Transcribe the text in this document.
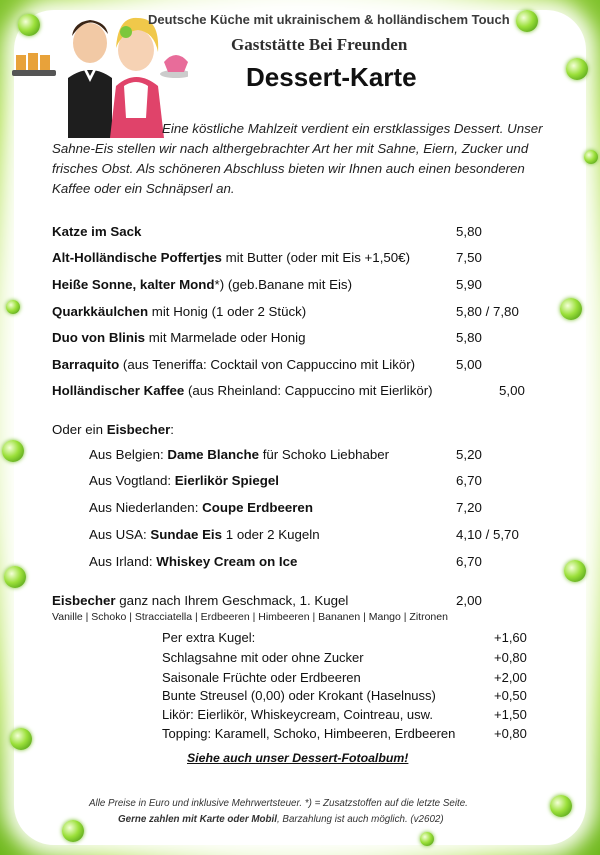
Deutsche Küche mit ukrainischem & holländischem Touch
Gaststätte Bei Freunden
Dessert-Karte
Eine köstliche Mahlzeit verdient ein erstklassiges Dessert. Unser Sahne-Eis stellen wir nach althergebrachter Art her mit Sahne, Eiern, Zucker und frisches Obst. Als schöneren Abschluss bieten wir Ihnen auch einen besonderen Kaffee oder ein Schnäpserl an.
Katze im Sack	5,80
Alt-Holländische Poffertjes mit Butter (oder mit Eis +1,50€)	7,50
Heiße Sonne, kalter Mond*) (geb.Banane mit Eis)	5,90
Quarkkäulchen mit Honig (1 oder 2 Stück)	5,80 / 7,80
Duo von Blinis mit Marmelade oder Honig	5,80
Barraquito (aus Teneriffa: Cocktail von Cappuccino mit Likör)	5,00
Holländischer Kaffee (aus Rheinland: Cappuccino mit Eierlikör)	5,00
Oder ein Eisbecher:
Aus Belgien: Dame Blanche für Schoko Liebhaber	5,20
Aus Vogtland: Eierlikör Spiegel	6,70
Aus Niederlanden: Coupe Erdbeeren	7,20
Aus USA: Sundae Eis 1 oder 2 Kugeln	4,10 / 5,70
Aus Irland: Whiskey Cream on Ice	6,70
Eisbecher ganz nach Ihrem Geschmack, 1. Kugel	2,00
Vanille | Schoko | Stracciatella | Erdbeeren | Himbeeren | Bananen | Mango | Zitronen
Per extra Kugel:	+1,60
Schlagsahne mit oder ohne Zucker	+0,80
Saisonale Früchte oder Erdbeeren	+2,00
Bunte Streusel (0,00) oder Krokant (Haselnuss)	+0,50
Likör: Eierlikör, Whiskeycream, Cointreau, usw.	+1,50
Topping: Karamell, Schoko, Himbeeren, Erdbeeren	+0,80
Siehe auch unser Dessert-Fotoalbum!
Alle Preise in Euro und inklusive Mehrwertsteuer. *) = Zusatzstoffen auf die letzte Seite.
Gerne zahlen mit Karte oder Mobil, Barzahlung ist auch möglich. (v2602)
